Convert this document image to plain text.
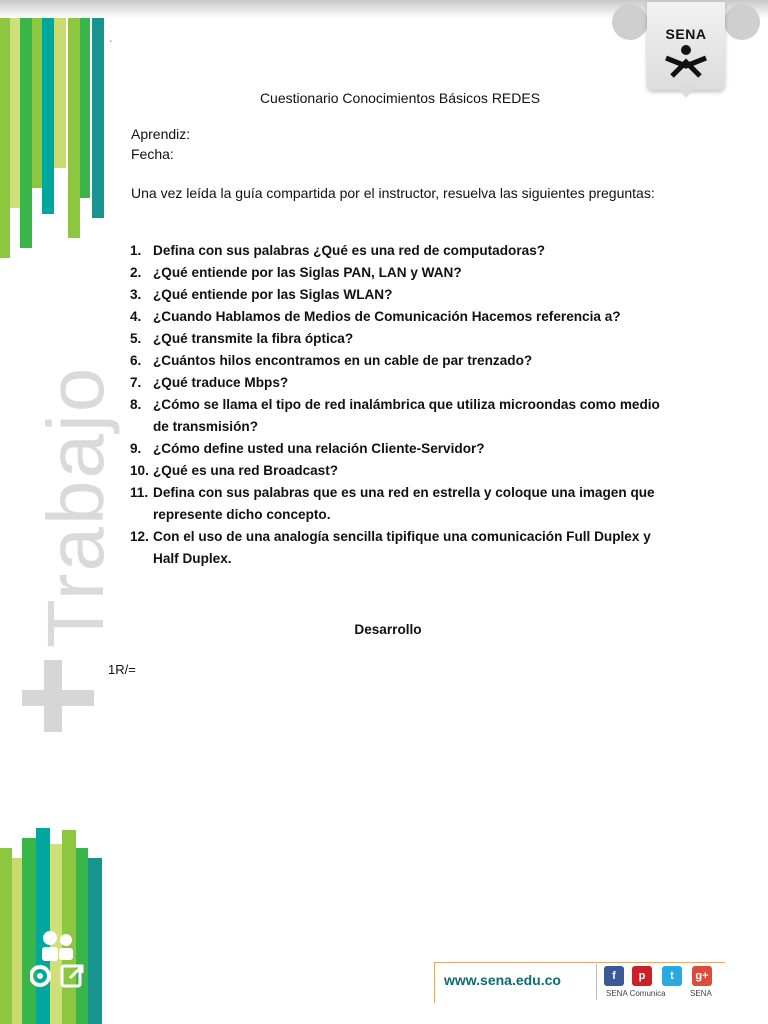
Trabajo
SENA
`
Cuestionario Conocimientos Básicos REDES
Aprendiz:
Fecha:
Una vez leída la guía compartida por el instructor, resuelva las siguientes preguntas:
1. Defina con sus palabras ¿Qué es una red de computadoras?
2. ¿Qué entiende por las Siglas PAN, LAN y WAN?
3. ¿Qué entiende por las Siglas WLAN?
4. ¿Cuando Hablamos de Medios de Comunicación Hacemos referencia a?
5. ¿Qué transmite la fibra óptica?
6. ¿Cuántos hilos encontramos en un cable de par trenzado?
7. ¿Qué traduce Mbps?
8. ¿Cómo se llama el tipo de red inalámbrica que utiliza microondas como medio de transmisión?
9. ¿Cómo define usted una relación Cliente-Servidor?
10. ¿Qué es una red Broadcast?
11. Defina con sus palabras que es una red en estrella y coloque una imagen que represente dicho concepto.
12. Con el uso de una analogía sencilla tipifique una comunicación Full Duplex y Half Duplex.
Desarrollo
1R/=
www.sena.edu.co	f	p	t	g+
SENA Comunica	SENA
